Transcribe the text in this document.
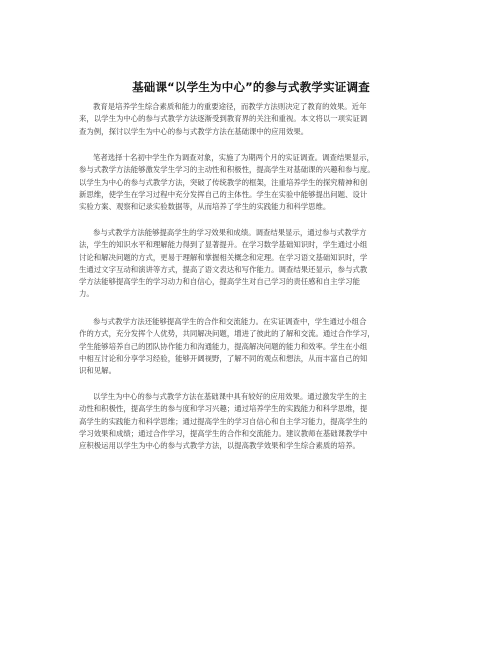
基础课“以学生为中心”的参与式教学实证调查
教育是培养学生综合素质和能力的重要途径，而教学方法则决定了教育的效果。近年
来，以学生为中心的参与式教学方法逐渐受到教育界的关注和重视。本文将以一项实证调
查为例，探讨以学生为中心的参与式教学方法在基础课中的应用效果。
笔者选择十名初中学生作为调查对象，实施了为期两个月的实证调查。调查结果显示，
参与式教学方法能够激发学生学习的主动性和积极性，提高学生对基础课的兴趣和参与度。
以学生为中心的参与式教学方法，突破了传统教学的框架，注重培养学生的探究精神和创
新思维，使学生在学习过程中充分发挥自己的主体性。学生在实验中能够提出问题、设计
实验方案、观察和记录实验数据等，从而培养了学生的实践能力和科学思维。
参与式教学方法能够提高学生的学习效果和成绩。调查结果显示，通过参与式教学方
法，学生的知识水平和理解能力得到了显著提升。在学习数学基础知识时，学生通过小组
讨论和解决问题的方式，更易于理解和掌握相关概念和定理。在学习语文基础知识时，学
生通过文字互动和演讲等方式，提高了语文表达和写作能力。调查结果还显示，参与式教
学方法能够提高学生的学习动力和自信心，提高学生对自己学习的责任感和自主学习能
力。
参与式教学方法还能够提高学生的合作和交流能力。在实证调查中，学生通过小组合
作的方式，充分发挥个人优势，共同解决问题，增进了彼此的了解和交流。通过合作学习，
学生能够培养自己的团队协作能力和沟通能力，提高解决问题的能力和效率。学生在小组
中相互讨论和分享学习经验，能够开阔视野，了解不同的观点和想法，从而丰富自己的知
识和见解。
以学生为中心的参与式教学方法在基础课中具有较好的应用效果。通过激发学生的主
动性和积极性，提高学生的参与度和学习兴趣；通过培养学生的实践能力和科学思维，提
高学生的实践能力和科学思维；通过提高学生的学习自信心和自主学习能力，提高学生的
学习效果和成绩；通过合作学习，提高学生的合作和交流能力。建议教师在基础课教学中
应积极运用以学生为中心的参与式教学方法，以提高教学效果和学生综合素质的培养。
